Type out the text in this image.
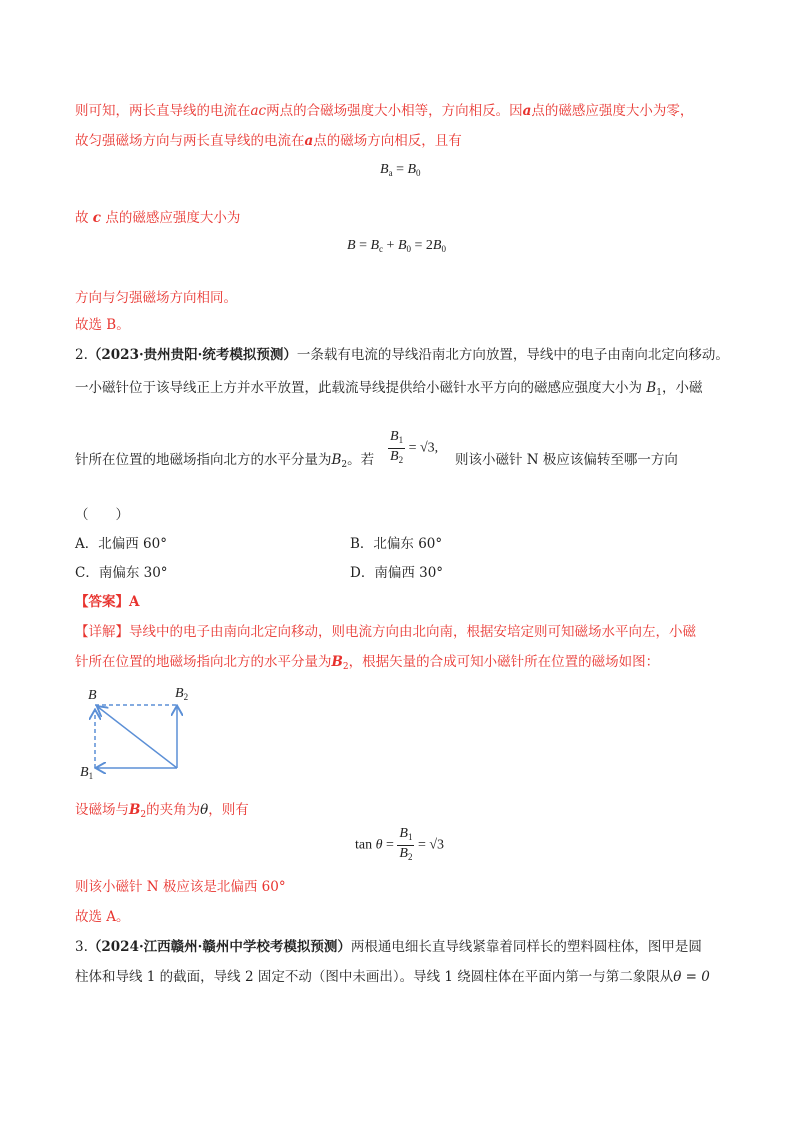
则可知，两长直导线的电流在ac两点的合磁场强度大小相等，方向相反。因a点的磁感应强度大小为零，
故匀强磁场方向与两长直导线的电流在a点的磁场方向相反，且有
$B_a = B_0$
故 c 点的磁感应强度大小为
$B = B_c + B_0 = 2B_0$
方向与匀强磁场方向相同。
故选 B。
2.（2023·贵州贵阳·统考模拟预测）一条载有电流的导线沿南北方向放置，导线中的电子由南向北定向移动。
一小磁针位于该导线正上方并水平放置，此载流导线提供给小磁针水平方向的磁感应强度大小为 $B_1$，小磁
针所在位置的地磁场指向北方的水平分量为$B_2$。若 $\frac{B_1}{B_2} = √3$,
则该小磁针 N 极应该偏转至哪一方向
（　　）
A．北偏西 60°	B．北偏东 60°
C．南偏东 30°	D．南偏西 30°
【答案】A
【详解】导线中的电子由南向北定向移动，则电流方向由北向南，根据安培定则可知磁场水平向左，小磁
针所在位置的地磁场指向北方的水平分量为$B_2$，根据矢量的合成可知小磁针所在位置的磁场如图：
B	$B_2$
$B_1$
设磁场与$B_2$的夹角为θ，则有
$\tan \theta = \frac{B_1}{B_2} = √3$
则该小磁针 N 极应该是北偏西 60°
故选 A。
3.（2024·江西赣州·赣州中学校考模拟预测）两根通电细长直导线紧靠着同样长的塑料圆柱体，图甲是圆
柱体和导线 1 的截面，导线 2 固定不动（图中未画出）。导线 1 绕圆柱体在平面内第一与第二象限从θ = 0
